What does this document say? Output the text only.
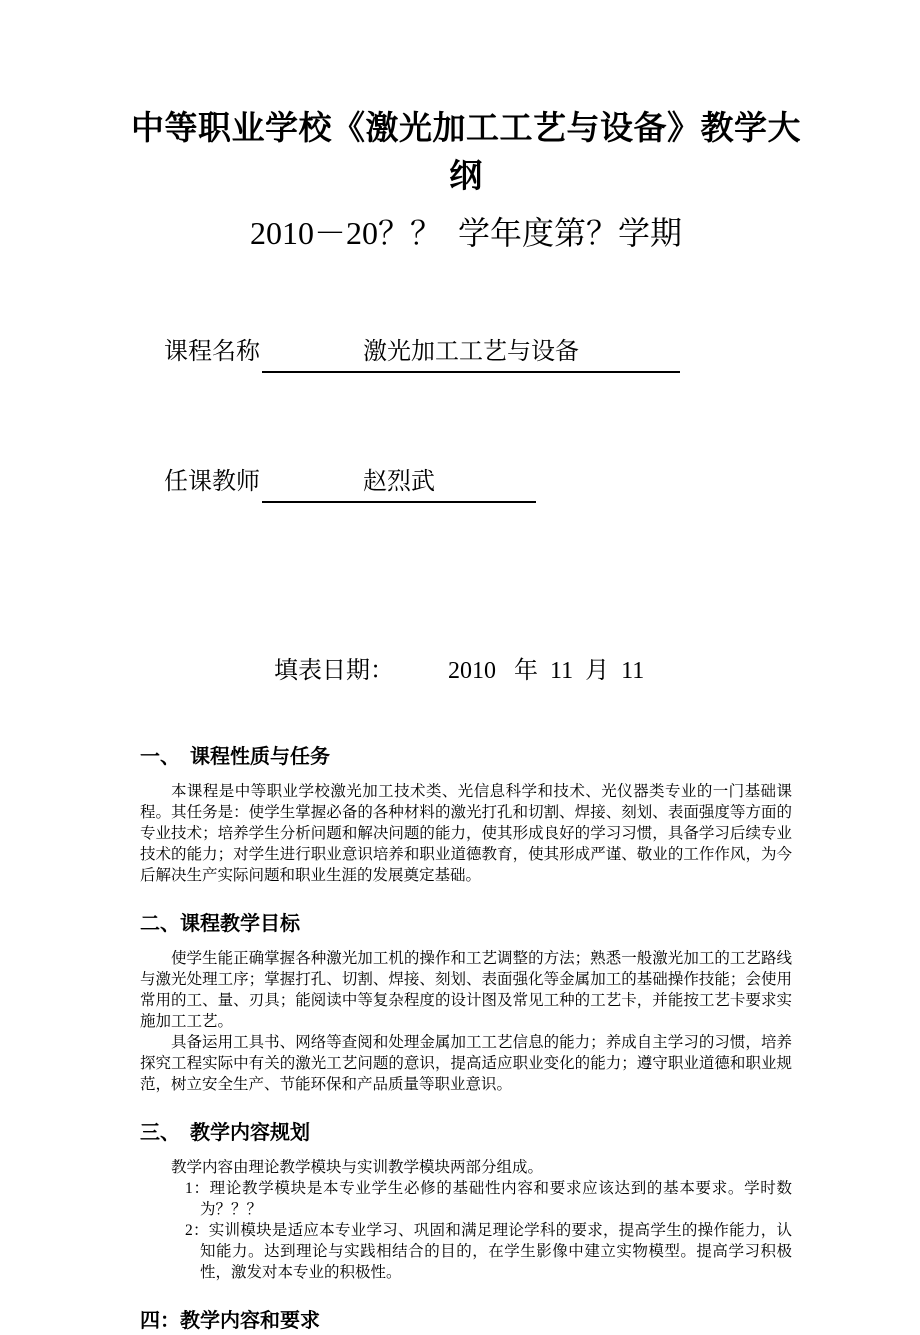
中等职业学校《激光加工工艺与设备》教学大纲
2010－20？？  学年度第？学期

课程名称	激光加工工艺与设备

任课教师	赵烈武

填表日期： 2010   年  11  月  11

一、　课程性质与任务

本课程是中等职业学校激光加工技术类、光信息科学和技术、光仪器类专业的一门基础课程。其任务是：使学生掌握必备的各种材料的激光打孔和切割、焊接、刻划、表面强度等方面的专业技术；培养学生分析问题和解决问题的能力，使其形成良好的学习习惯，具备学习后续专业技术的能力；对学生进行职业意识培养和职业道德教育，使其形成严谨、敬业的工作作风，为今后解决生产实际问题和职业生涯的发展奠定基础。

二、课程教学目标

使学生能正确掌握各种激光加工机的操作和工艺调整的方法；熟悉一般激光加工的工艺路线与激光处理工序；掌握打孔、切割、焊接、刻划、表面强化等金属加工的基础操作技能；会使用常用的工、量、刃具；能阅读中等复杂程度的设计图及常见工种的工艺卡，并能按工艺卡要求实施加工工艺。

具备运用工具书、网络等查阅和处理金属加工工艺信息的能力；养成自主学习的习惯，培养探究工程实际中有关的激光工艺问题的意识，提高适应职业变化的能力；遵守职业道德和职业规范，树立安全生产、节能环保和产品质量等职业意识。

三、　教学内容规划

教学内容由理论教学模块与实训教学模块两部分组成。

1：理论教学模块是本专业学生必修的基础性内容和要求应该达到的基本要求。学时数为？？？

2：实训模块是适应本专业学习、巩固和满足理论学科的要求，提高学生的操作能力，认知能力。达到理论与实践相结合的目的，在学生影像中建立实物模型。提高学习积极性，激发对本专业的积极性。

四：教学内容和要求
